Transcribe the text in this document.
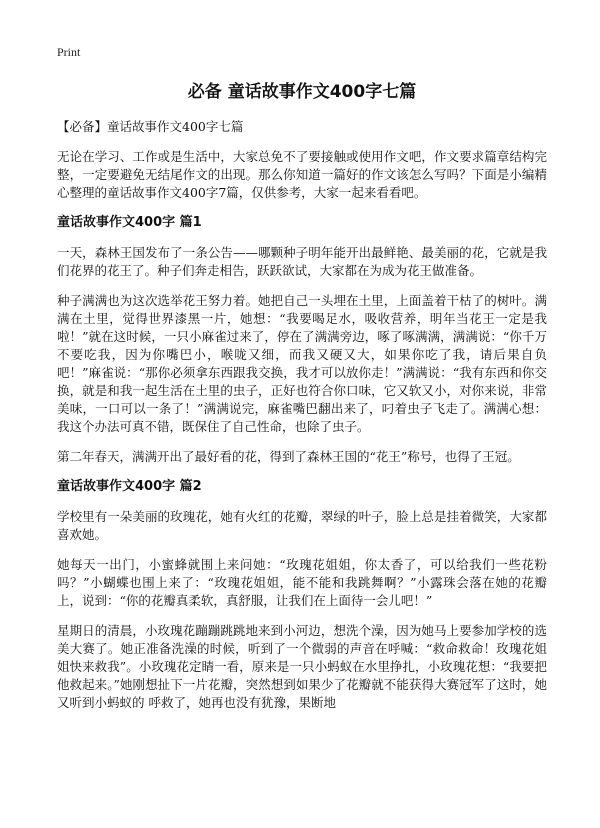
Print
必备 童话故事作文400字七篇

【必备】童话故事作文400字七篇

无论在学习、工作或是生活中，大家总免不了要接触或使用作文吧，作文要求篇章结构完整，一定要避免无结尾作文的出现。那么你知道一篇好的作文该怎么写吗？下面是小编精心整理的童话故事作文400字7篇，仅供参考，大家一起来看看吧。

童话故事作文400字 篇1

一天，森林王国发布了一条公告——哪颗种子明年能开出最鲜艳、最美丽的花，它就是我们花界的花王了。种子们奔走相告，跃跃欲试，大家都在为成为花王做准备。

种子满满也为这次选举花王努力着。她把自己一头埋在土里，上面盖着干枯了的树叶。满满在土里，觉得世界漆黑一片，她想：“我要喝足水，吸收营养，明年当花王一定是我啦！”就在这时候，一只小麻雀过来了，停在了满满旁边，啄了啄满满，满满说：“你千万不要吃我，因为你嘴巴小，喉咙又细，而我又硬又大，如果你吃了我，请后果自负吧！”麻雀说：“那你必须拿东西跟我交换，我才可以放你走！”满满说：“我有东西和你交换，就是和我一起生活在土里的虫子，正好也符合你口味，它又软又小，对你来说，非常美味，一口可以一条了！”满满说完，麻雀嘴巴翻出来了，叼着虫子飞走了。满满心想：我这个办法可真不错，既保住了自己性命，也除了虫子。

第二年春天，满满开出了最好看的花，得到了森林王国的“花王”称号，也得了王冠。

童话故事作文400字 篇2

学校里有一朵美丽的玫瑰花，她有火红的花瓣，翠绿的叶子，脸上总是挂着微笑，大家都喜欢她。

她每天一出门，小蜜蜂就围上来问她：“玫瑰花姐姐，你太香了，可以给我们一些花粉吗？”小蝴蝶也围上来了：“玫瑰花姐姐，能不能和我跳舞啊？”小露珠会落在她的花瓣上，说到：“你的花瓣真柔软，真舒服，让我们在上面待一会儿吧！”

星期日的清晨，小玫瑰花蹦蹦跳跳地来到小河边，想洗个澡，因为她马上要参加学校的选美大赛了。她正准备洗澡的时候，听到了一个微弱的声音在呼喊：“救命救命！玫瑰花姐姐快来救我”。小玫瑰花定睛一看，原来是一只小蚂蚁在水里挣扎，小玫瑰花想：“我要把他救起来。”她刚想扯下一片花瓣，突然想到如果少了花瓣就不能获得大赛冠军了这时，她又听到小蚂蚁的 呼救了，她再也没有犹豫，果断地
